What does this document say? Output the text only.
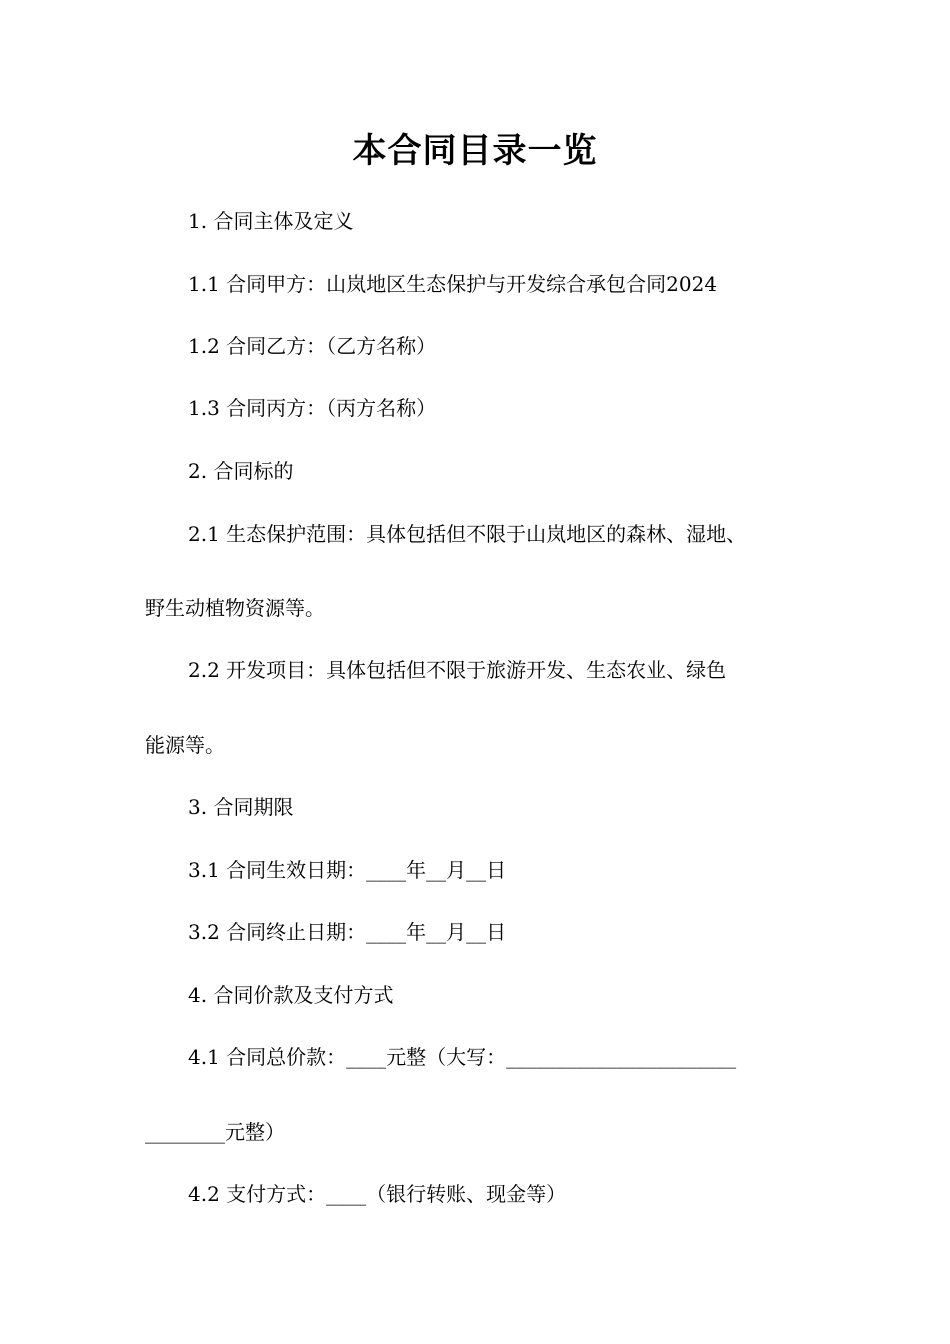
本合同目录一览
1. 合同主体及定义
1.1 合同甲方：山岚地区生态保护与开发综合承包合同2024
1.2 合同乙方：（乙方名称）
1.3 合同丙方：（丙方名称）
2. 合同标的
2.1 生态保护范围：具体包括但不限于山岚地区的森林、湿地、
野生动植物资源等。
2.2 开发项目：具体包括但不限于旅游开发、生态农业、绿色
能源等。
3. 合同期限
3.1 合同生效日期：____年__月__日
3.2 合同终止日期：____年__月__日
4. 合同价款及支付方式
4.1 合同总价款：____元整（大写：_______________________
________元整）
4.2 支付方式：____（银行转账、现金等）
